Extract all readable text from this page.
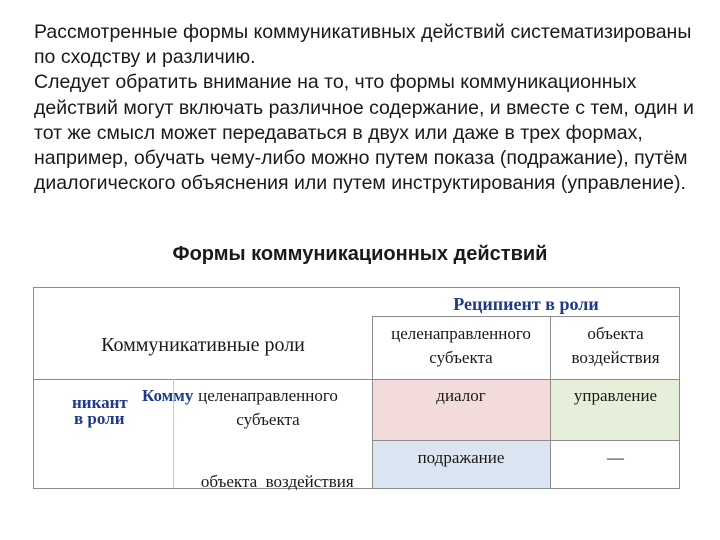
Рассмотренные формы коммуникативных действий систематизированы по сходству и различию.

Следует обратить внимание на то, что формы коммуникационных действий могут включать различное содержание, и вместе с тем, один и тот же смысл может передаваться в двух или даже в трех формах, например, обучать чему-либо можно путем показа (подражание), путём диалогического объяснения или путем инструктирования (управление).

Формы коммуникационных действий
Реципиент в роли
Коммуникативные роли
целенаправленного субъекта
объекта воздействия
Комму
никант
в роли
целенаправленного субъекта

объекта  воздействия

диалог	управление
подражание	—
